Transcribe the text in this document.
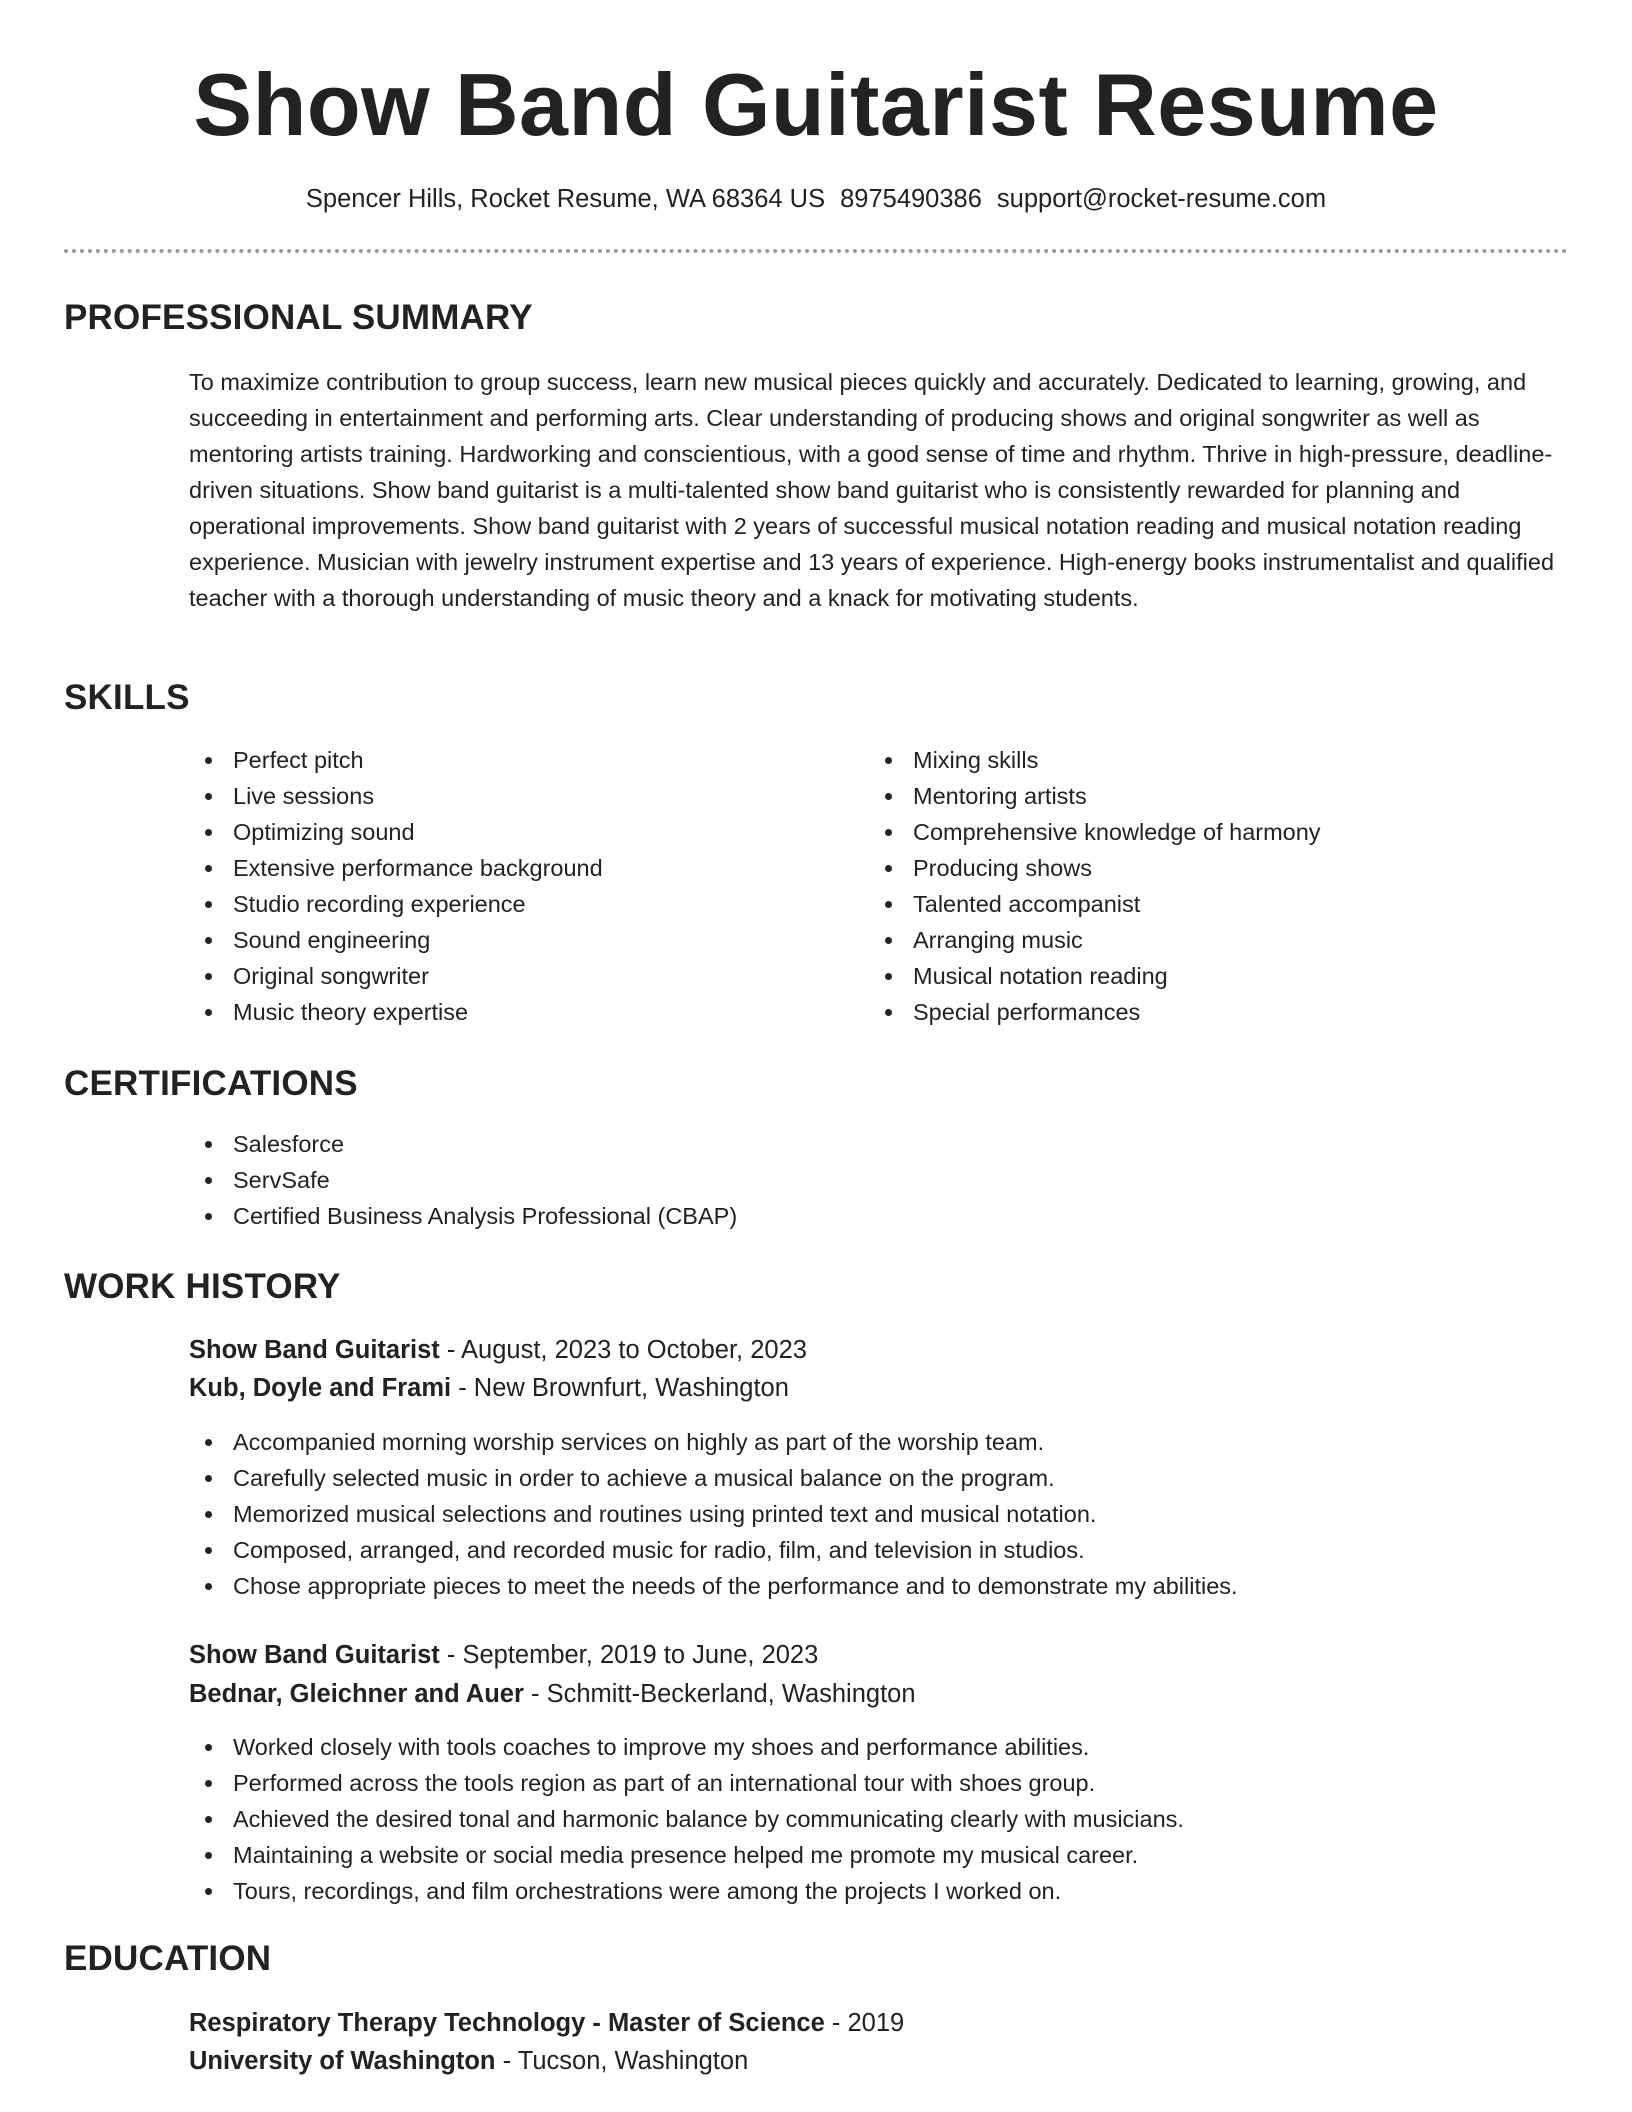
Show Band Guitarist Resume
Spencer Hills, Rocket Resume, WA 68364 US 8975490386 support@rocket-resume.com
PROFESSIONAL SUMMARY

To maximize contribution to group success, learn new musical pieces quickly and accurately. Dedicated to learning, growing, and succeeding in entertainment and performing arts. Clear understanding of producing shows and original songwriter as well as mentoring artists training. Hardworking and conscientious, with a good sense of time and rhythm. Thrive in high-pressure, deadline-driven situations. Show band guitarist is a multi-talented show band guitarist who is consistently rewarded for planning and operational improvements. Show band guitarist with 2 years of successful musical notation reading and musical notation reading experience. Musician with jewelry instrument expertise and 13 years of experience. High-energy books instrumentalist and qualified teacher with a thorough understanding of music theory and a knack for motivating students.

SKILLS
Perfect pitch
Live sessions
Optimizing sound
Extensive performance background
Studio recording experience
Sound engineering
Original songwriter
Music theory expertise
Mixing skills
Mentoring artists
Comprehensive knowledge of harmony
Producing shows
Talented accompanist
Arranging music
Musical notation reading
Special performances
CERTIFICATIONS
Salesforce
ServSafe
Certified Business Analysis Professional (CBAP)
WORK HISTORY
Show Band Guitarist - August, 2023 to October, 2023
Kub, Doyle and Frami - New Brownfurt, Washington
Accompanied morning worship services on highly as part of the worship team.
Carefully selected music in order to achieve a musical balance on the program.
Memorized musical selections and routines using printed text and musical notation.
Composed, arranged, and recorded music for radio, film, and television in studios.
Chose appropriate pieces to meet the needs of the performance and to demonstrate my abilities.
Show Band Guitarist - September, 2019 to June, 2023
Bednar, Gleichner and Auer - Schmitt-Beckerland, Washington
Worked closely with tools coaches to improve my shoes and performance abilities.
Performed across the tools region as part of an international tour with shoes group.
Achieved the desired tonal and harmonic balance by communicating clearly with musicians.
Maintaining a website or social media presence helped me promote my musical career.
Tours, recordings, and film orchestrations were among the projects I worked on.
EDUCATION
Respiratory Therapy Technology - Master of Science - 2019
University of Washington - Tucson, Washington
